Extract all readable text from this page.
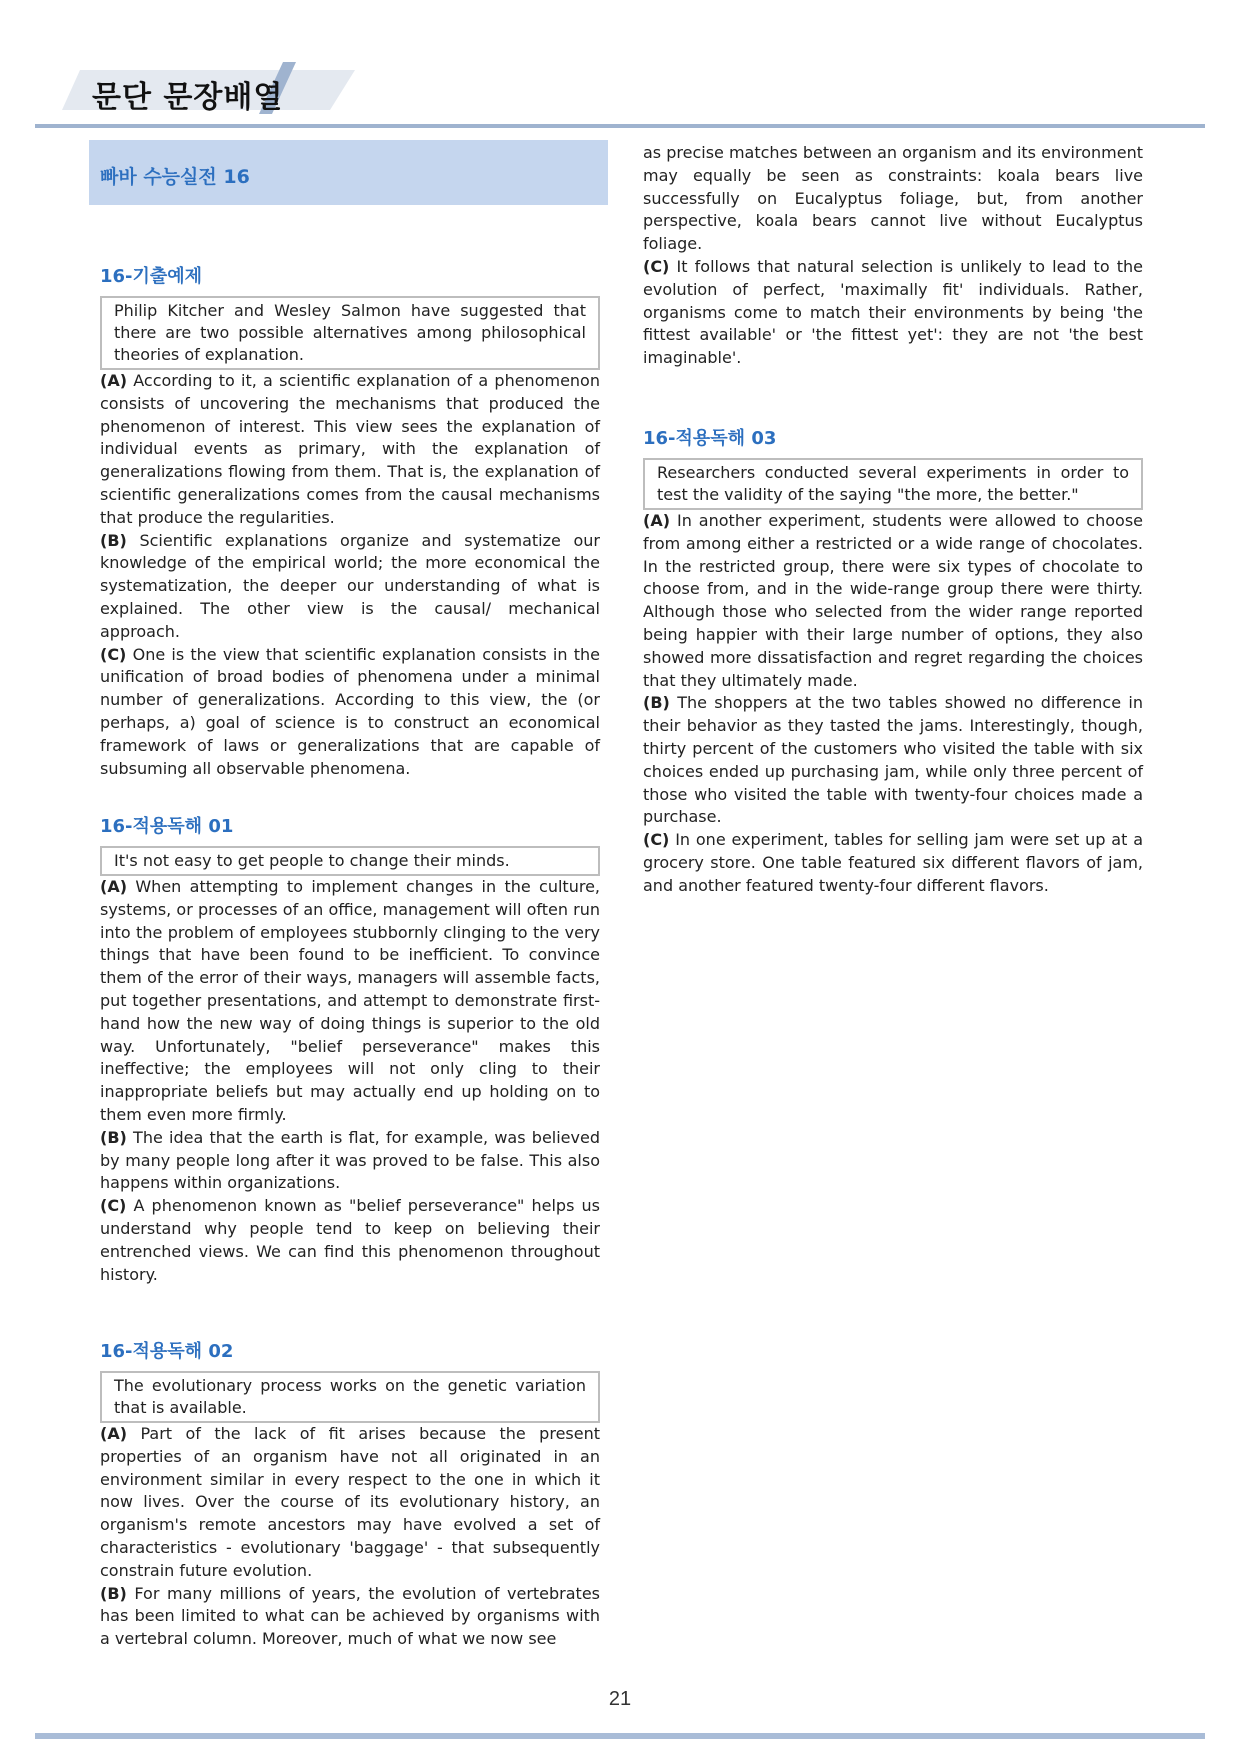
문단 문장배열
빠바 수능실전 16
16-기출예제
Philip Kitcher and Wesley Salmon have suggested that there are two possible alternatives among philosophical theories of explanation.

(A) According to it, a scientific explanation of a phenomenon consists of uncovering the mechanisms that produced the phenomenon of interest. This view sees the explanation of individual events as primary, with the explanation of generalizations flowing from them. That is, the explanation of scientific generalizations comes from the causal mechanisms that produce the regularities.

(B) Scientific explanations organize and systematize our knowledge of the empirical world; the more economical the systematization, the deeper our understanding of what is explained. The other view is the causal/ mechanical approach.

(C) One is the view that scientific explanation consists in the unification of broad bodies of phenomena under a minimal number of generalizations. According to this view, the (or perhaps, a) goal of science is to construct an economical framework of laws or generalizations that are capable of subsuming all observable phenomena.

16-적용독해 01
It's not easy to get people to change their minds.

(A) When attempting to implement changes in the culture, systems, or processes of an office, management will often run into the problem of employees stubbornly clinging to the very things that have been found to be inefficient. To convince them of the error of their ways, managers will assemble facts, put together presentations, and attempt to demonstrate first-hand how the new way of doing things is superior to the old way. Unfortunately, "belief perseverance" makes this ineffective; the employees will not only cling to their inappropriate beliefs but may actually end up holding on to them even more firmly.

(B) The idea that the earth is flat, for example, was believed by many people long after it was proved to be false. This also happens within organizations.

(C) A phenomenon known as "belief perseverance" helps us understand why people tend to keep on believing their entrenched views. We can find this phenomenon throughout history.

16-적용독해 02
The evolutionary process works on the genetic variation that is available.

(A) Part of the lack of fit arises because the present properties of an organism have not all originated in an environment similar in every respect to the one in which it now lives. Over the course of its evolutionary history, an organism's remote ancestors may have evolved a set of characteristics - evolutionary 'baggage' - that subsequently constrain future evolution.

(B) For many millions of years, the evolution of vertebrates has been limited to what can be achieved by organisms with a vertebral column. Moreover, much of what we now see

as precise matches between an organism and its environment may equally be seen as constraints: koala bears live successfully on Eucalyptus foliage, but, from another perspective, koala bears cannot live without Eucalyptus foliage.

(C) It follows that natural selection is unlikely to lead to the evolution of perfect, 'maximally fit' individuals. Rather, organisms come to match their environments by being 'the fittest available' or 'the fittest yet': they are not 'the best imaginable'.

16-적용독해 03
Researchers conducted several experiments in order to test the validity of the saying "the more, the better."

(A) In another experiment, students were allowed to choose from among either a restricted or a wide range of chocolates. In the restricted group, there were six types of chocolate to choose from, and in the wide-range group there were thirty. Although those who selected from the wider range reported being happier with their large number of options, they also showed more dissatisfaction and regret regarding the choices that they ultimately made.

(B) The shoppers at the two tables showed no difference in their behavior as they tasted the jams. Interestingly, though, thirty percent of the customers who visited the table with six choices ended up purchasing jam, while only three percent of those who visited the table with twenty-four choices made a purchase.

(C) In one experiment, tables for selling jam were set up at a grocery store. One table featured six different flavors of jam, and another featured twenty-four different flavors.

21
